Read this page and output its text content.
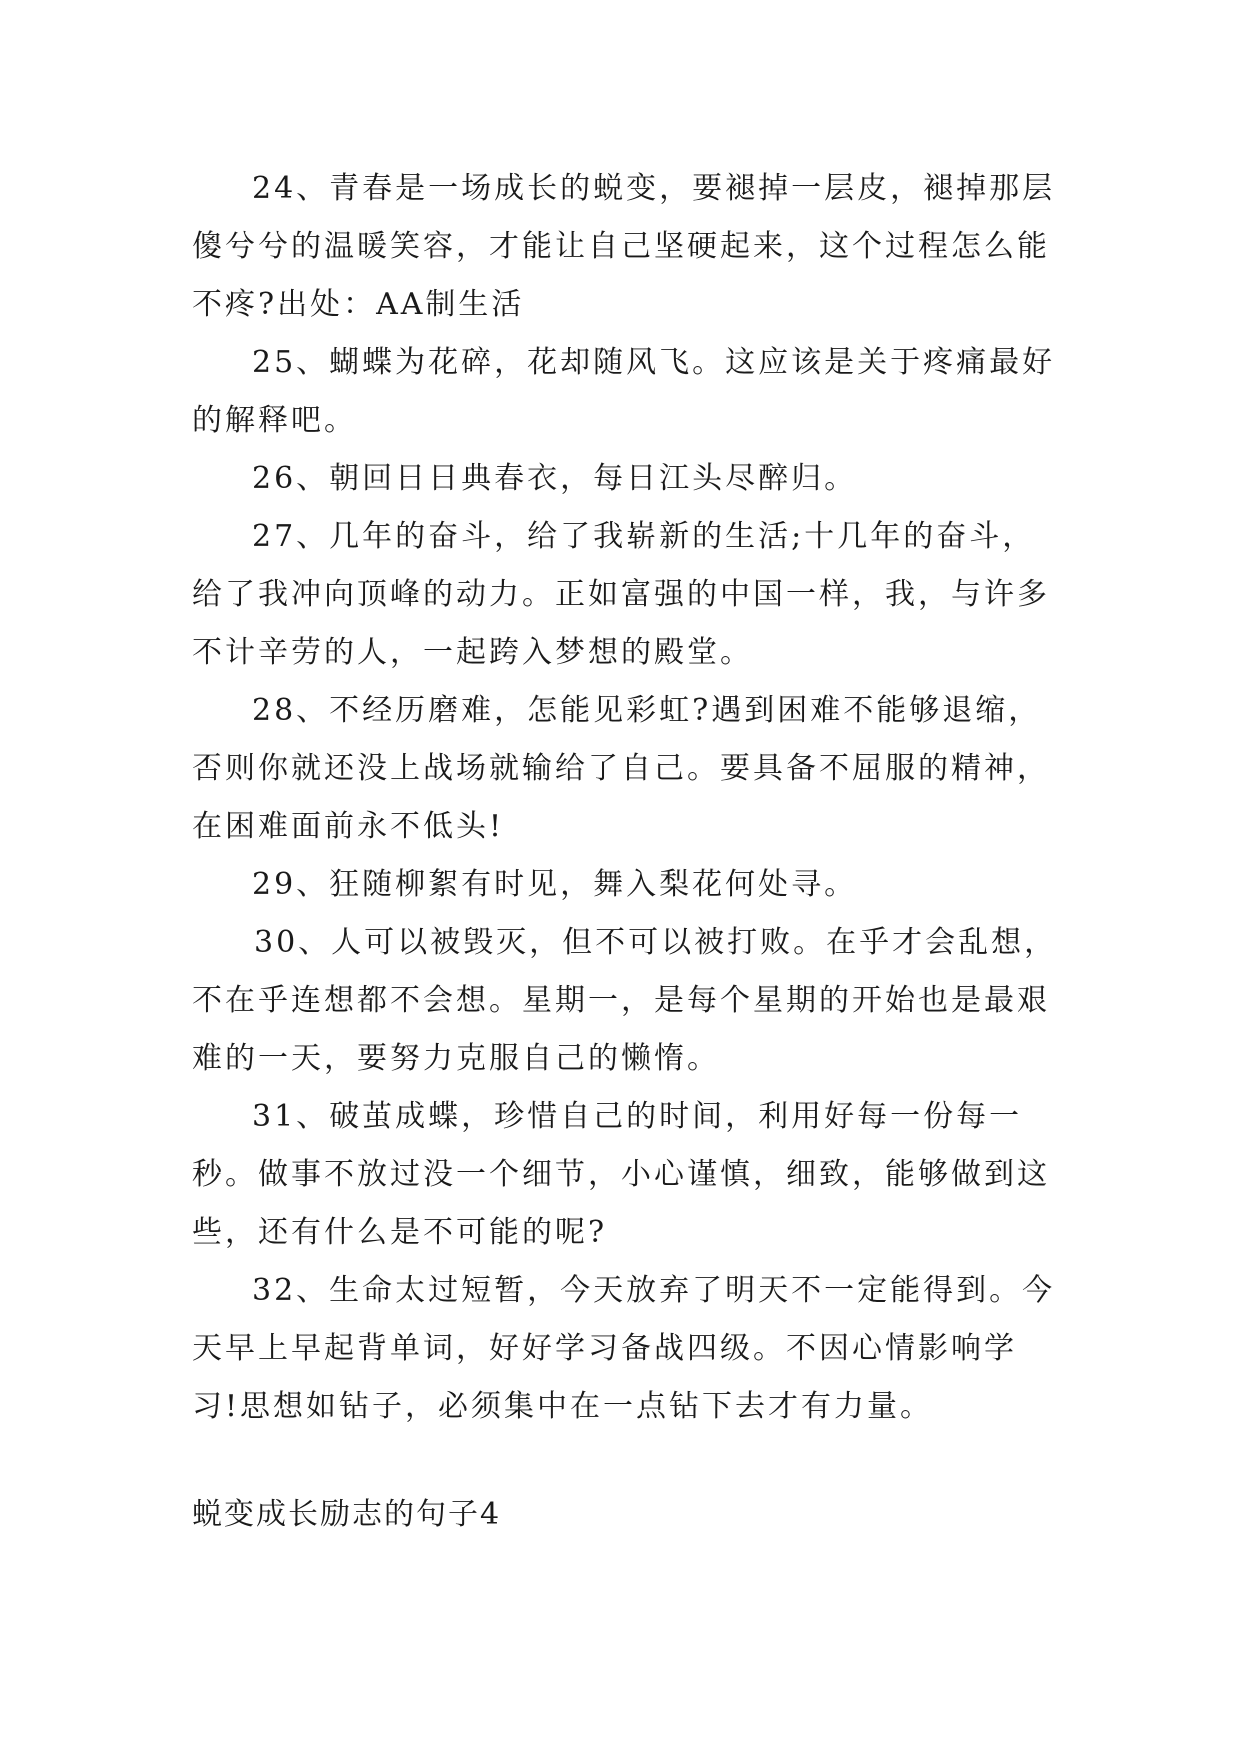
24、青春是一场成长的蜕变，要褪掉一层皮，褪掉那层傻兮兮的温暖笑容，才能让自己坚硬起来，这个过程怎么能不疼?出处：AA制生活

25、蝴蝶为花碎，花却随风飞。这应该是关于疼痛最好的解释吧。

26、朝回日日典春衣，每日江头尽醉归。

27、几年的奋斗，给了我崭新的生活;十几年的奋斗，给了我冲向顶峰的动力。正如富强的中国一样，我，与许多不计辛劳的人，一起跨入梦想的殿堂。

28、不经历磨难，怎能见彩虹?遇到困难不能够退缩，否则你就还没上战场就输给了自己。要具备不屈服的精神，在困难面前永不低头!

29、狂随柳絮有时见，舞入梨花何处寻。

30、人可以被毁灭，但不可以被打败。在乎才会乱想，不在乎连想都不会想。星期一，是每个星期的开始也是最艰难的一天，要努力克服自己的懒惰。

31、破茧成蝶，珍惜自己的时间，利用好每一份每一秒。做事不放过没一个细节，小心谨慎，细致，能够做到这些，还有什么是不可能的呢?

32、生命太过短暂，今天放弃了明天不一定能得到。今天早上早起背单词，好好学习备战四级。不因心情影响学习!思想如钻子，必须集中在一点钻下去才有力量。

蜕变成长励志的句子4
